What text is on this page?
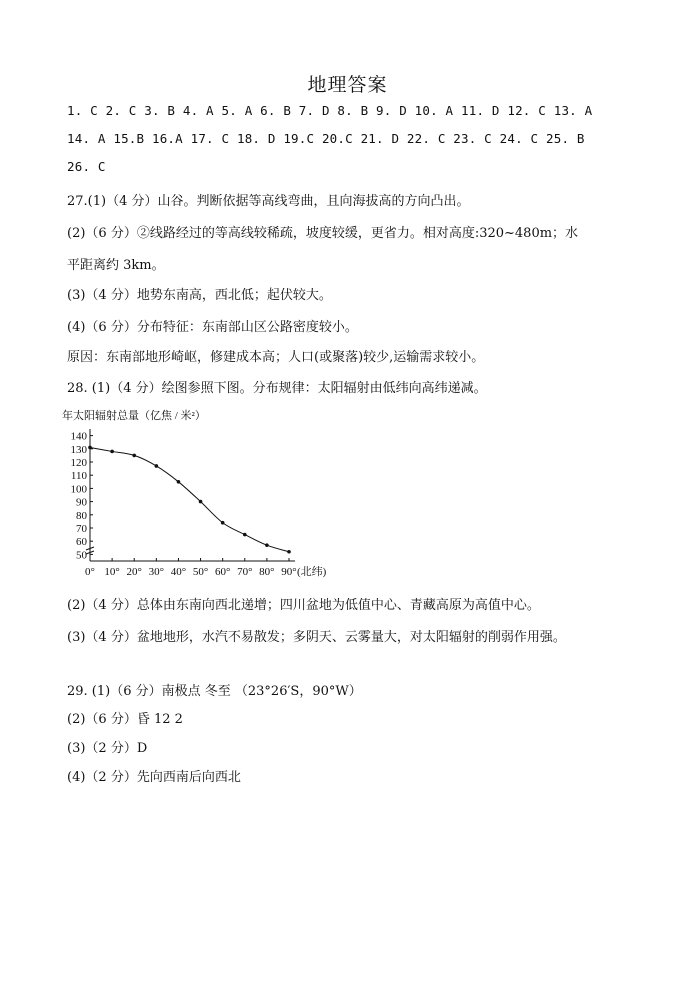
地理答案
1. C 2. C 3. B 4. A 5. A 6. B 7. D 8. B 9. D 10. A 11. D 12. C 13. A
14. A 15.B 16.A 17. C 18. D 19.C 20.C 21. D 22. C 23. C 24. C 25. B
26. C
27.(1)（4 分）山谷。判断依据等高线弯曲，且向海拔高的方向凸出。
(2)（6 分）②线路经过的等高线较稀疏，坡度较缓，更省力。相对高度:320~480m；水
平距离约 3km。
(3)（4 分）地势东南高，西北低；起伏较大。
(4)（6 分）分布特征：东南部山区公路密度较小。
原因：东南部地形崎岖，修建成本高；人口(或聚落)较少,运输需求较小。
28. (1)（4 分）绘图参照下图。分布规律：太阳辐射由低纬向高纬递减。
年太阳辐射总量（亿焦 / 米²）
50
60
70
80
90
100
110
120
130
140
0° 10° 20° 30° 40° 50° 60° 70° 80° 90° (北纬)
(2)（4 分）总体由东南向西北递增；四川盆地为低值中心、青藏高原为高值中心。
(3)（4 分）盆地地形，水汽不易散发；多阴天、云雾量大，对太阳辐射的削弱作用强。
29. (1)（6 分）南极点 冬至 （23°26′S，90°W）
(2)（6 分）昏 12 2
(3)（2 分）D
(4)（2 分）先向西南后向西北
